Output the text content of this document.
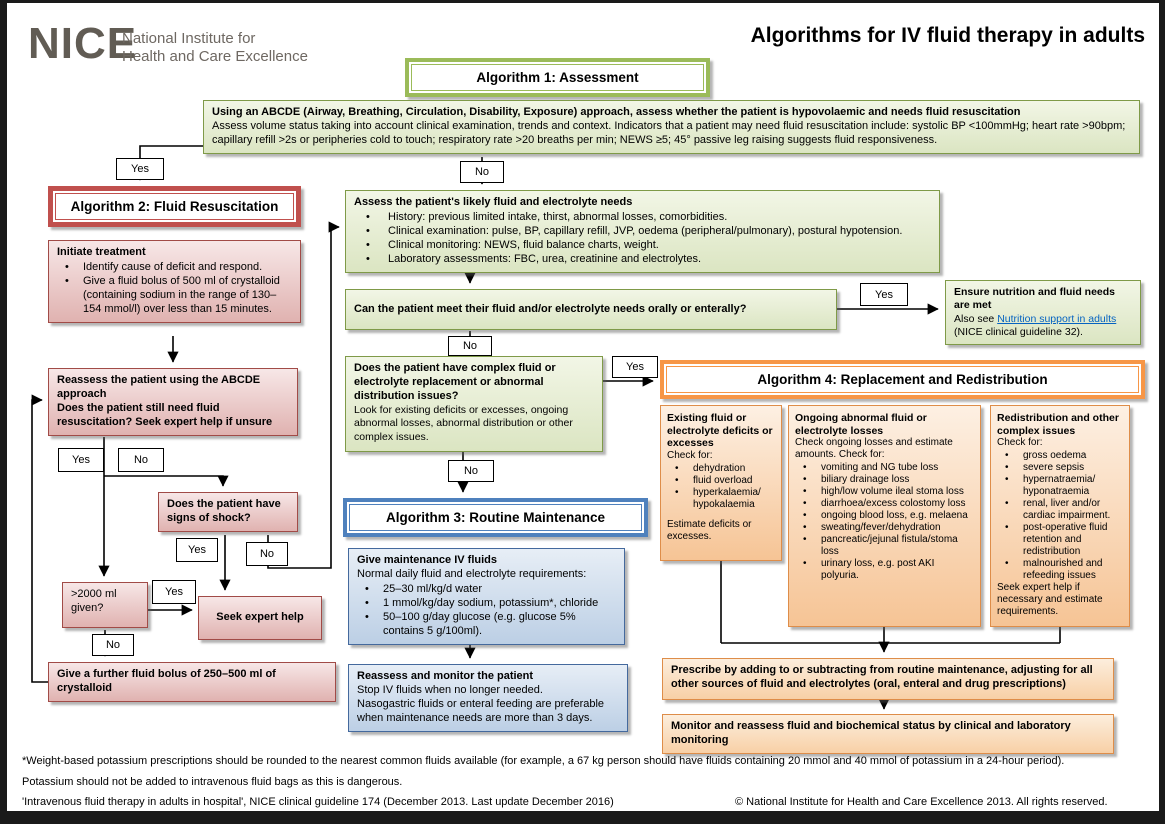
NICE
National Institute for
Health and Care Excellence
Algorithms for IV fluid therapy in adults
Algorithm 1: Assessment
Using an ABCDE (Airway, Breathing, Circulation, Disability, Exposure) approach, assess whether the patient is hypovolaemic and needs fluid resuscitation
Assess volume status taking into account clinical examination, trends and context. Indicators that a patient may need fluid resuscitation include: systolic BP <100mmHg; heart rate >90bpm; capillary refill >2s or peripheries cold to touch; respiratory rate >20 breaths per min; NEWS ≥5; 45° passive leg raising suggests fluid responsiveness.
Yes	No
Algorithm 2: Fluid Resuscitation
Initiate treatment
• Identify cause of deficit and respond.
• Give a fluid bolus of 500 ml of crystalloid (containing sodium in the range of 130–154 mmol/l) over less than 15 minutes.
Assess the patient's likely fluid and electrolyte needs
• History: previous limited intake, thirst, abnormal losses, comorbidities.
• Clinical examination: pulse, BP, capillary refill, JVP, oedema (peripheral/pulmonary), postural hypotension.
• Clinical monitoring: NEWS, fluid balance charts, weight.
• Laboratory assessments: FBC, urea, creatinine and electrolytes.
Can the patient meet their fluid and/or electrolyte needs orally or enterally?
Yes	Ensure nutrition and fluid needs are met
Also see Nutrition support in adults (NICE clinical guideline 32).
No
Does the patient have complex fluid or electrolyte replacement or abnormal distribution issues?
Look for existing deficits or excesses, ongoing abnormal losses, abnormal distribution or other complex issues.
Yes
No
Reassess the patient using the ABCDE approach
Does the patient still need fluid resuscitation? Seek expert help if unsure
Yes	No
Does the patient have signs of shock?
Yes	No
>2000 ml given?
Yes
Seek expert help
No
Give a further fluid bolus of 250–500 ml of crystalloid
Algorithm 3: Routine Maintenance
Give maintenance IV fluids
Normal daily fluid and electrolyte requirements:
• 25–30 ml/kg/d water
• 1 mmol/kg/day sodium, potassium*, chloride
• 50–100 g/day glucose (e.g. glucose 5% contains 5 g/100ml).
Reassess and monitor the patient
Stop IV fluids when no longer needed.
Nasogastric fluids or enteral feeding are preferable when maintenance needs are more than 3 days.
Algorithm 4: Replacement and Redistribution
Existing fluid or electrolyte deficits or excesses
Check for:
• dehydration
• fluid overload
• hyperkalaemia/​hypokalaemia
Estimate deficits or excesses.
Ongoing abnormal fluid or electrolyte losses
Check ongoing losses and estimate amounts. Check for:
• vomiting and NG tube loss
• biliary drainage loss
• high/low volume ileal stoma loss
• diarrhoea/excess colostomy loss
• ongoing blood loss, e.g. melaena
• sweating/fever/dehydration
• pancreatic/jejunal fistula/stoma loss
• urinary loss, e.g. post AKI polyuria.
Redistribution and other complex issues
Check for:
• gross oedema
• severe sepsis
• hypernatraemia/​hyponatraemia
• renal, liver and/or cardiac impairment.
• post-operative fluid retention and redistribution
• malnourished and refeeding issues
Seek expert help if necessary and estimate requirements.
Prescribe by adding to or subtracting from routine maintenance, adjusting for all other sources of fluid and electrolytes (oral, enteral and drug prescriptions)
Monitor and reassess fluid and biochemical status by clinical and laboratory monitoring
*Weight-based potassium prescriptions should be rounded to the nearest common fluids available (for example, a 67 kg person should have fluids containing 20 mmol and 40 mmol of potassium in a 24-hour period).
Potassium should not be added to intravenous fluid bags as this is dangerous.
'Intravenous fluid therapy in adults in hospital', NICE clinical guideline 174 (December 2013. Last update December 2016)	© National Institute for Health and Care Excellence 2013. All rights reserved.
